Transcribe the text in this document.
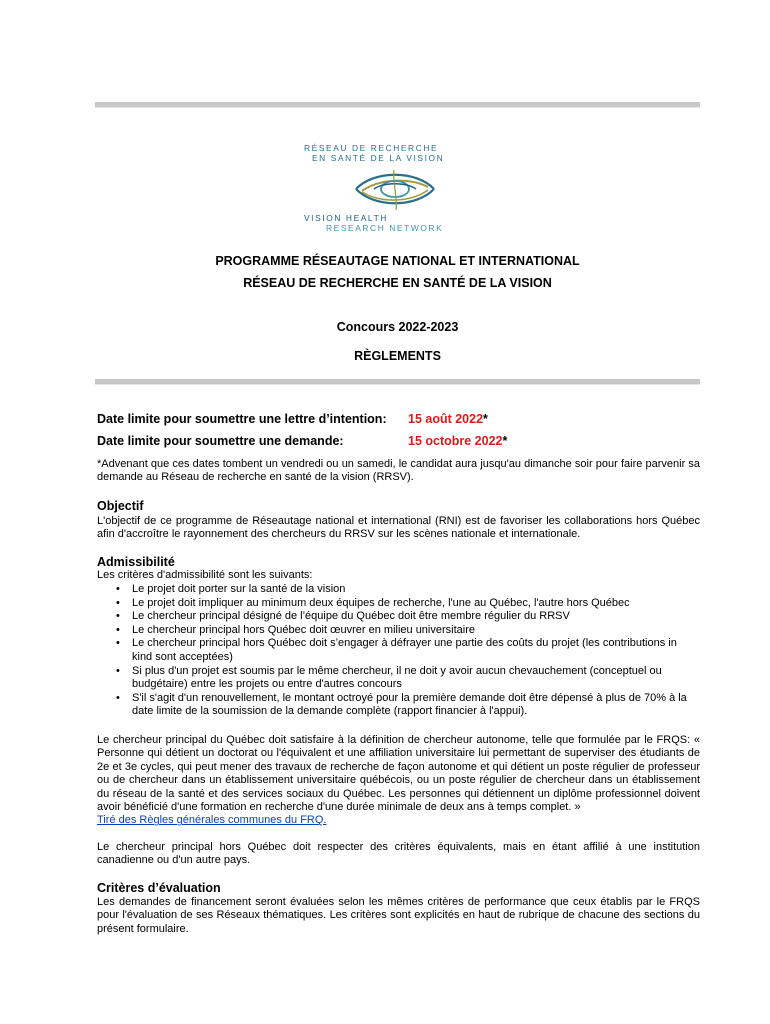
RÉSEAU DE RECHERCHE
EN SANTÉ DE LA VISION
VISION HEALTH
RESEARCH NETWORK
PROGRAMME RÉSEAUTAGE NATIONAL ET INTERNATIONAL
RÉSEAU DE RECHERCHE EN SANTÉ DE LA VISION
Concours 2022-2023
RÈGLEMENTS
Date limite pour soumettre une lettre d’intention: 15 août 2022*
Date limite pour soumettre une demande:	15 octobre 2022*
*Advenant que ces dates tombent un vendredi ou un samedi, le candidat aura jusqu'au dimanche soir pour faire parvenir sa demande au Réseau de recherche en santé de la vision (RRSV).
Objectif
L'objectif de ce programme de Réseautage national et international (RNI) est de favoriser les collaborations hors Québec afin d'accroître le rayonnement des chercheurs du RRSV sur les scènes nationale et internationale.
Admissibilité
Les critères d'admissibilité sont les suivants:
• Le projet doit porter sur la santé de la vision
• Le projet doit impliquer au minimum deux équipes de recherche, l'une au Québec, l'autre hors Québec
• Le chercheur principal désigné de l’équipe du Québec doit être membre régulier du RRSV
• Le chercheur principal hors Québec doit œuvrer en milieu universitaire
• Le chercheur principal hors Québec doit s’engager à défrayer une partie des coûts du projet (les contributions in kind sont acceptées)
• Si plus d'un projet est soumis par le même chercheur, il ne doit y avoir aucun chevauchement (conceptuel ou budgétaire) entre les projets ou entre d'autres concours
• S'il s'agit d'un renouvellement, le montant octroyé pour la première demande doit être dépensé à plus de 70% à la date limite de la soumission de la demande complète (rapport financier à l'appui).
Le chercheur principal du Québec doit satisfaire à la définition de chercheur autonome, telle que formulée par le FRQS: « Personne qui détient un doctorat ou l'équivalent et une affiliation universitaire lui permettant de superviser des étudiants de 2e et 3e cycles, qui peut mener des travaux de recherche de façon autonome et qui détient un poste régulier de professeur ou de chercheur dans un établissement universitaire québécois, ou un poste régulier de chercheur dans un établissement du réseau de la santé et des services sociaux du Québec. Les personnes qui détiennent un diplôme professionnel doivent avoir bénéficié d'une formation en recherche d'une durée minimale de deux ans à temps complet. »
Tiré des Règles générales communes du FRQ.
Le chercheur principal hors Québec doit respecter des critères équivalents, mais en étant affilié à une institution canadienne ou d'un autre pays.
Critères d’évaluation
Les demandes de financement seront évaluées selon les mêmes critères de performance que ceux établis par le FRQS pour l'évaluation de ses Réseaux thématiques. Les critères sont explicités en haut de rubrique de chacune des sections du présent formulaire.
